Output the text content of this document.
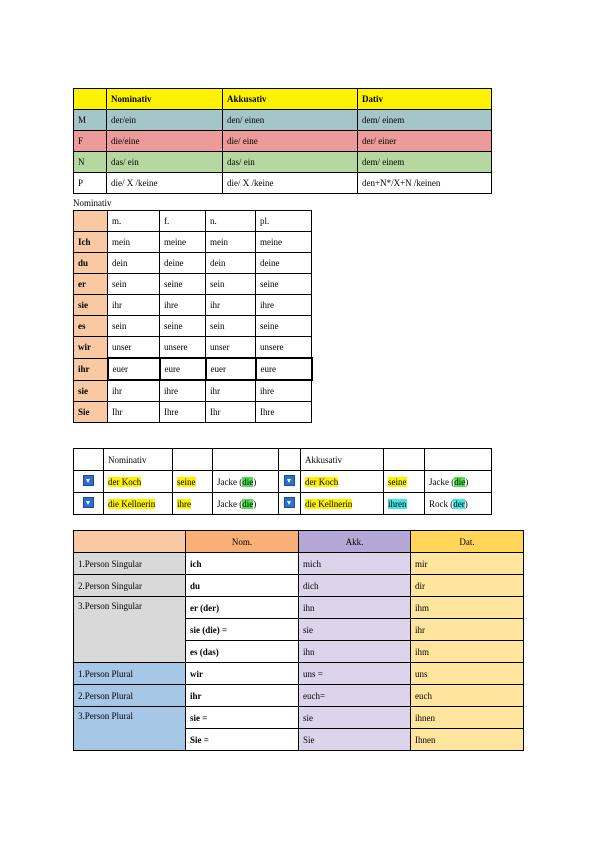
	Nominativ	Akkusativ	Dativ
M	der/ein	den/ einen	dem/ einem
F	die/eine	die/ eine	der/ einer
N	das/ ein	das/ ein	dem/ einem
P	die/ X /keine	die/ X /keine	den+N*/X+N /keinen
Nominativ
	m.	f.	n.	pl.
Ich	mein	meine	mein	meine
du	dein	deine	dein	deine
er	sein	seine	sein	seine
sie	ihr	ihre	ihr	ihre
es	sein	seine	sein	seine
wir	unser	unsere	unser	unsere
ihr	euer	eure	euer	eure
sie	ihr	ihre	ihr	ihre
Sie	Ihr	Ihre	Ihr	Ihre
	Nominativ				Akkusativ		
	der Koch	seine	Jacke (die)		der Koch	seine	Jacke (die)
	die Kellnerin	ihre	Jacke (die)		die Kellnerin	ihren	Rock (der)
	Nom.	Akk.	Dat.
1.Person Singular	ich	mich	mir
2.Person Singular	du	dich	dir
3.Person Singular	er (der)	ihn	ihm
	sie (die) =	sie	ihr
	es (das)	ihn	ihm
1.Person Plural	wir	uns =	uns
2.Person Plural	ihr	euch=	euch
3.Person Plural	sie =	sie	ihnen
	Sie =	Sie	Ihnen
